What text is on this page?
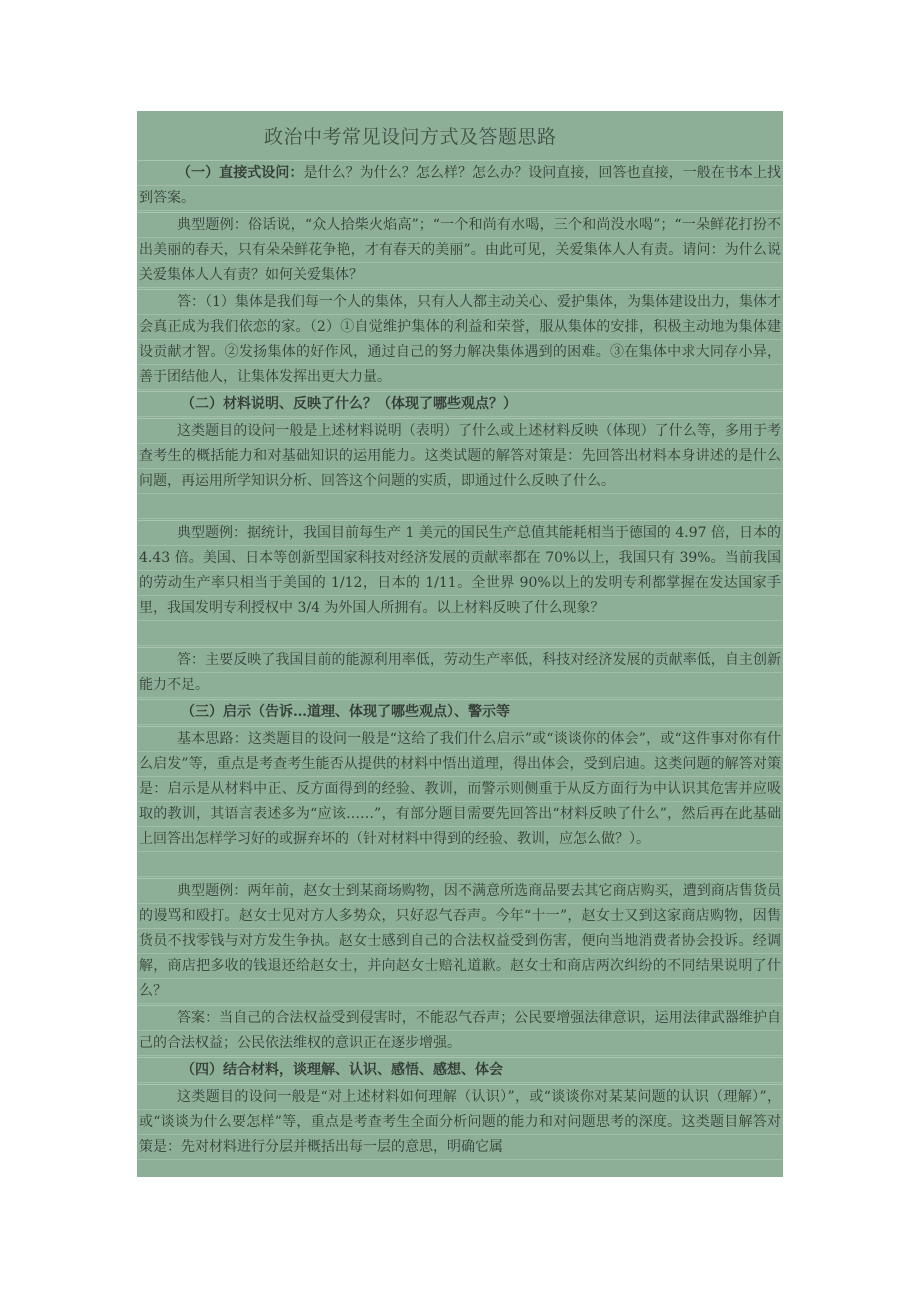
政治中考常见设问方式及答题思路

（一）直接式设问：是什么？为什么？怎么样？怎么办？设问直接，回答也直接，一般在书本上找到答案。

典型题例：俗话说，“众人拾柴火焰高”；“一个和尚有水喝，三个和尚没水喝”；“一朵鲜花打扮不出美丽的春天，只有朵朵鲜花争艳，才有春天的美丽”。由此可见，关爱集体人人有责。请问：为什么说关爱集体人人有责？如何关爱集体？

答：（1）集体是我们每一个人的集体，只有人人都主动关心、爱护集体，为集体建设出力，集体才会真正成为我们依恋的家。（2）①自觉维护集体的利益和荣誉，服从集体的安排，积极主动地为集体建设贡献才智。②发扬集体的好作风，通过自己的努力解决集体遇到的困难。③在集体中求大同存小异，善于团结他人，让集体发挥出更大力量。

（二）材料说明、反映了什么？（体现了哪些观点？）

这类题目的设问一般是上述材料说明（表明）了什么或上述材料反映（体现）了什么等，多用于考查考生的概括能力和对基础知识的运用能力。这类试题的解答对策是：先回答出材料本身讲述的是什么问题，再运用所学知识分析、回答这个问题的实质，即通过什么反映了什么。

典型题例：据统计，我国目前每生产 1 美元的国民生产总值其能耗相当于德国的 4.97 倍，日本的 4.43 倍。美国、日本等创新型国家科技对经济发展的贡献率都在 70%以上，我国只有 39%。当前我国的劳动生产率只相当于美国的 1/12，日本的 1/11。全世界 90%以上的发明专利都掌握在发达国家手里，我国发明专利授权中 3/4 为外国人所拥有。以上材料反映了什么现象？

答：主要反映了我国目前的能源利用率低，劳动生产率低，科技对经济发展的贡献率低，自主创新能力不足。

（三）启示（告诉…道理、体现了哪些观点）、警示等

基本思路：这类题目的设问一般是“这给了我们什么启示”或“谈谈你的体会”，或“这件事对你有什么启发”等，重点是考查考生能否从提供的材料中悟出道理，得出体会，受到启迪。这类问题的解答对策是：启示是从材料中正、反方面得到的经验、教训，而警示则侧重于从反方面行为中认识其危害并应吸取的教训，其语言表述多为“应该……”，有部分题目需要先回答出“材料反映了什么”，然后再在此基础上回答出怎样学习好的或摒弃坏的（针对材料中得到的经验、教训，应怎么做？）。

典型题例：两年前，赵女士到某商场购物，因不满意所选商品要去其它商店购买，遭到商店售货员的谩骂和殴打。赵女士见对方人多势众，只好忍气吞声。今年“十一”，赵女士又到这家商店购物，因售货员不找零钱与对方发生争执。赵女士感到自己的合法权益受到伤害，便向当地消费者协会投诉。经调解，商店把多收的钱退还给赵女士，并向赵女士赔礼道歉。赵女士和商店两次纠纷的不同结果说明了什么？

答案：当自己的合法权益受到侵害时，不能忍气吞声；公民要增强法律意识，运用法律武器维护自己的合法权益；公民依法维权的意识正在逐步增强。

（四）结合材料，谈理解、认识、感悟、感想、体会

这类题目的设问一般是“对上述材料如何理解（认识）”，或“谈谈你对某某问题的认识（理解）”，或“谈谈为什么要怎样”等，重点是考查考生全面分析问题的能力和对问题思考的深度。这类题目解答对策是：先对材料进行分层并概括出每一层的意思，明确它属
